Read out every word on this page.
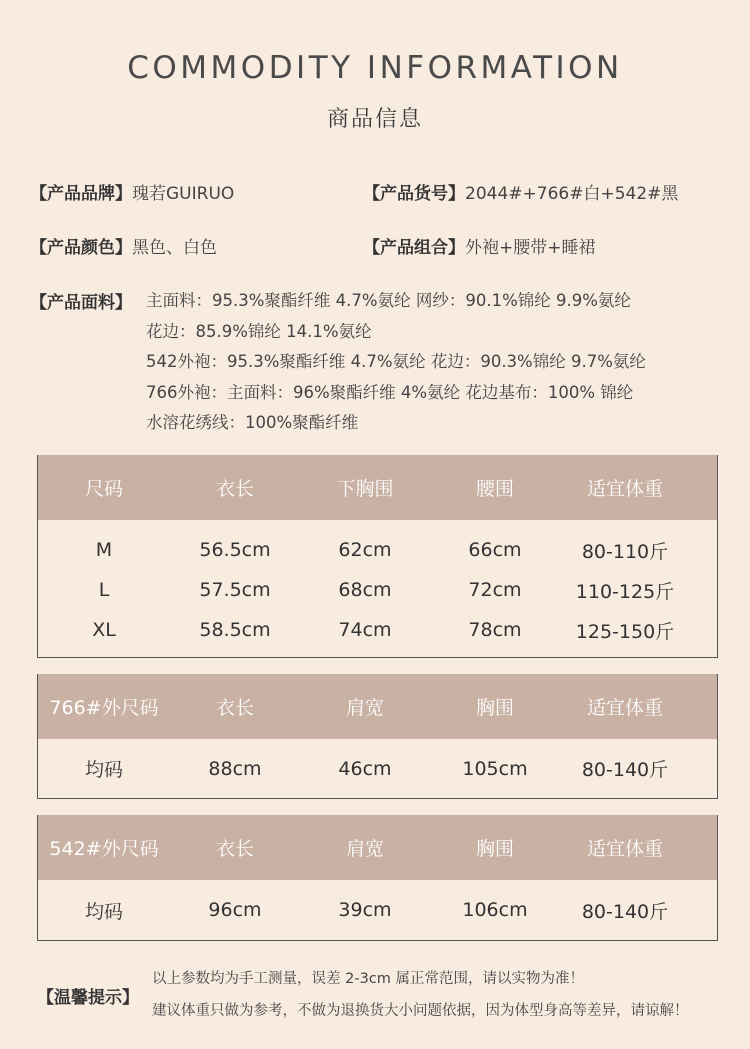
COMMODITY INFORMATION
商品信息
【产品品牌】瑰若GUIRUO	【产品货号】2044#+766#白+542#黑
【产品颜色】黑色、白色	【产品组合】外袍+腰带+睡裙
【产品面料】 主面料：95.3%聚酯纤维 4.7%氨纶 网纱：90.1%锦纶 9.9%氨纶
花边：85.9%锦纶 14.1%氨纶
542外袍：95.3%聚酯纤维 4.7%氨纶 花边：90.3%锦纶 9.7%氨纶
766外袍：主面料：96%聚酯纤维 4%氨纶 花边基布：100% 锦纶
水溶花绣线：100%聚酯纤维
尺码	衣长	下胸围	腰围	适宜体重
M	56.5cm	62cm	66cm	80-110斤
L	57.5cm	68cm	72cm	110-125斤
XL	58.5cm	74cm	78cm	125-150斤
766#外尺码	衣长	肩宽	胸围	适宜体重
均码	88cm	46cm	105cm	80-140斤
542#外尺码	衣长	肩宽	胸围	适宜体重
均码	96cm	39cm	106cm	80-140斤
【温馨提示】
以上参数均为手工测量，误差 2-3cm 属正常范围，请以实物为准！
建议体重只做为参考，不做为退换货大小问题依据，因为体型身高等差异，请谅解！
